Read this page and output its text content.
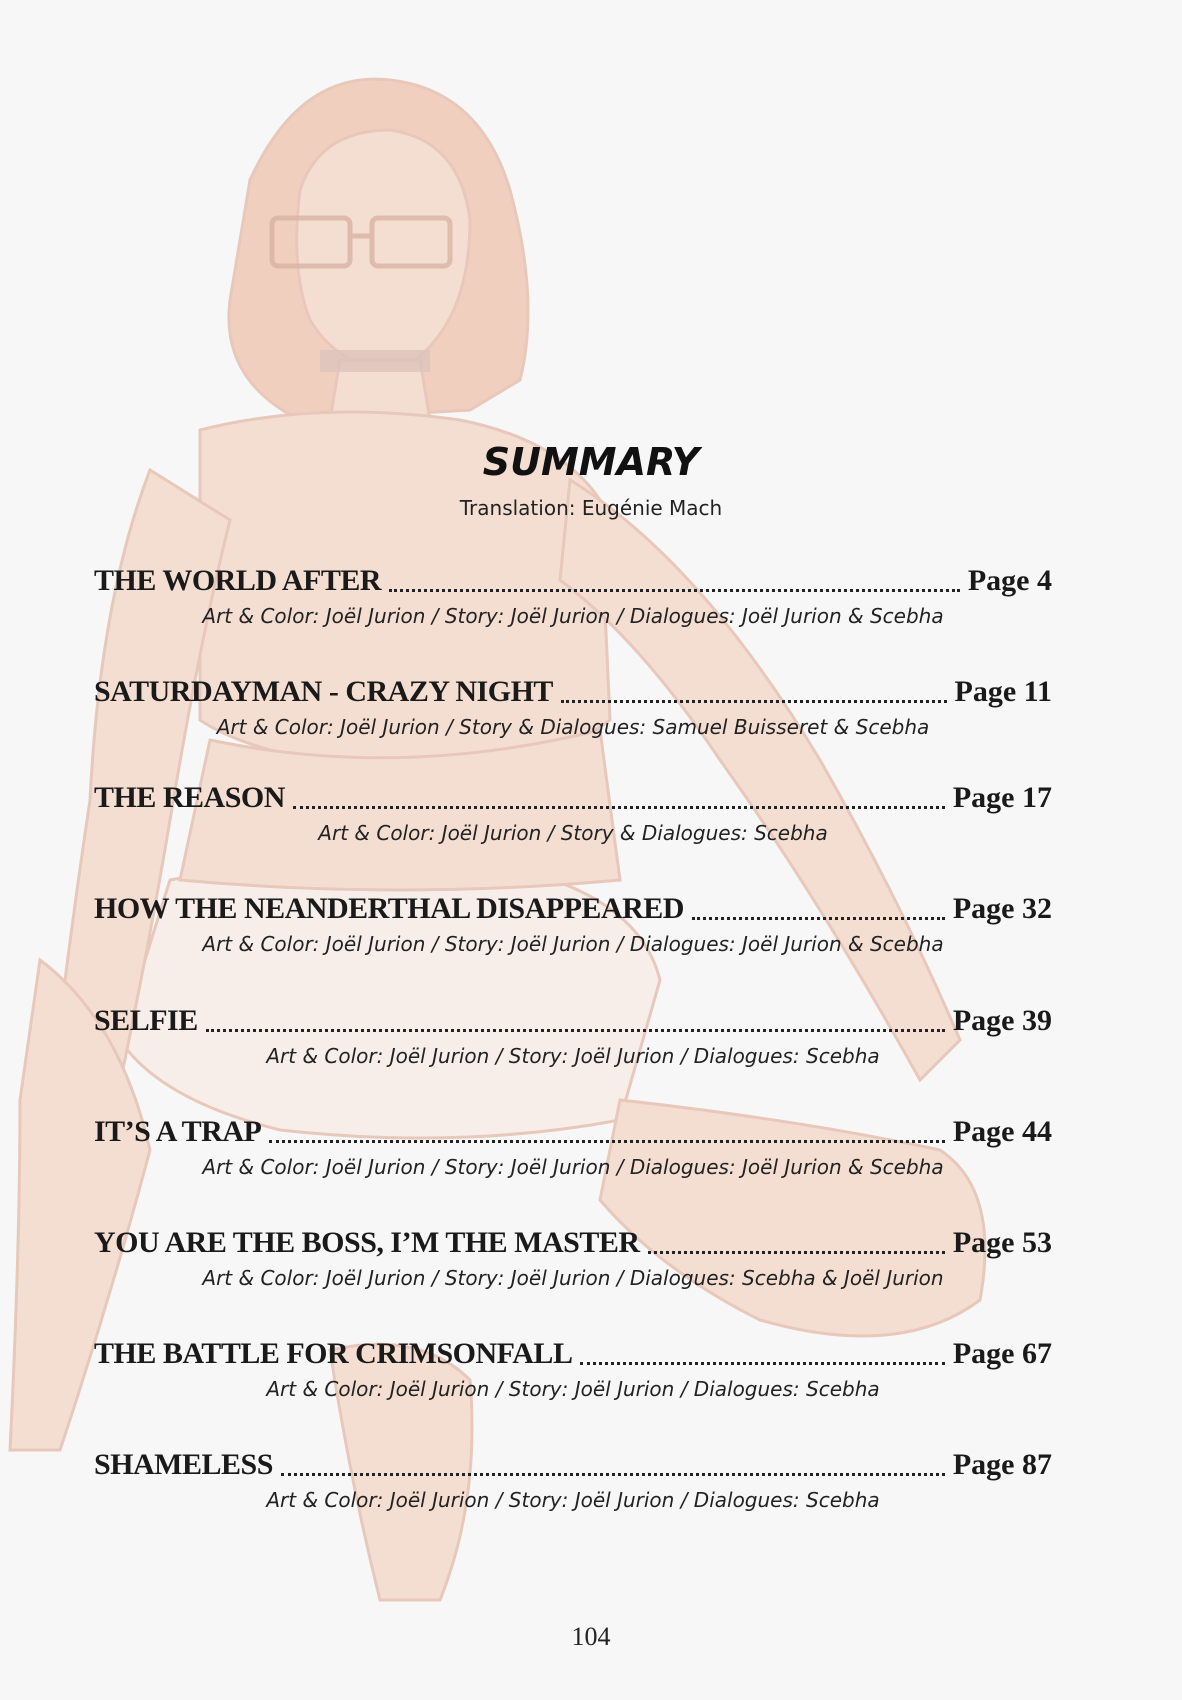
SUMMARY
Translation: Eugénie Mach
THE WORLD AFTER	Page 4
Art & Color: Joël Jurion / Story: Joël Jurion / Dialogues: Joël Jurion & Scebha
SATURDAYMAN - CRAZY NIGHT	Page 11
Art & Color: Joël Jurion / Story & Dialogues: Samuel Buisseret & Scebha
THE REASON	Page 17
Art & Color: Joël Jurion / Story & Dialogues: Scebha
HOW THE NEANDERTHAL DISAPPEARED	Page 32
Art & Color: Joël Jurion / Story: Joël Jurion / Dialogues: Joël Jurion & Scebha
SELFIE	Page 39
Art & Color: Joël Jurion / Story: Joël Jurion / Dialogues: Scebha
IT’S A TRAP	Page 44
Art & Color: Joël Jurion / Story: Joël Jurion / Dialogues: Joël Jurion & Scebha
YOU ARE THE BOSS, I’M THE MASTER	Page 53
Art & Color: Joël Jurion / Story: Joël Jurion / Dialogues: Scebha & Joël Jurion
THE BATTLE FOR CRIMSONFALL	Page 67
Art & Color: Joël Jurion / Story: Joël Jurion / Dialogues: Scebha
SHAMELESS	Page 87
Art & Color: Joël Jurion / Story: Joël Jurion / Dialogues: Scebha
104
